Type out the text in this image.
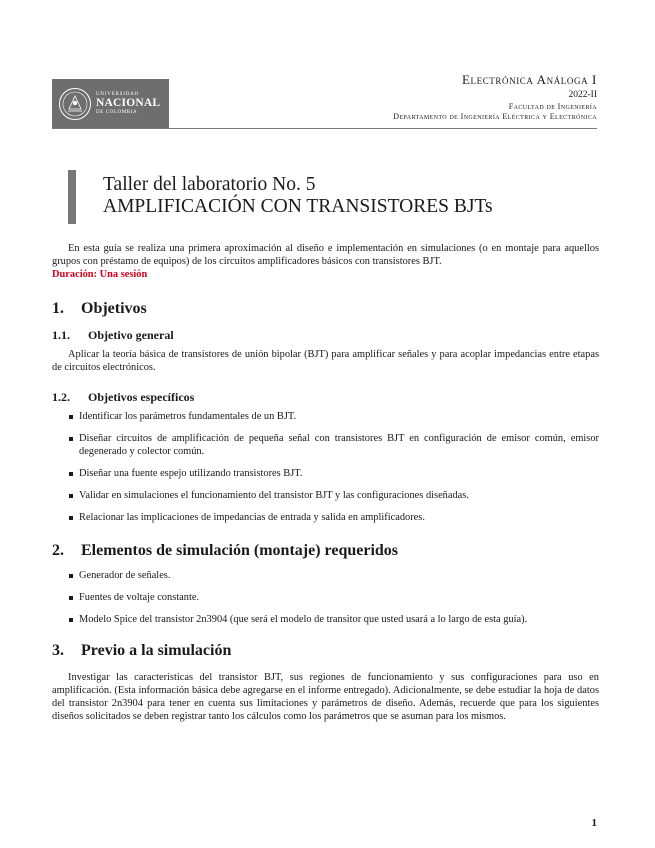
UNIVERSIDAD
NACIONAL
DE COLOMBIA
Electrónica Análoga I
2022-II
Facultad de Ingeniería
Departamento de Ingeniería Eléctrica y Electrónica
Taller del laboratorio No. 5
AMPLIFICACIÓN CON TRANSISTORES BJTs

En esta guía se realiza una primera aproximación al diseño e implementación en simulaciones (o en montaje para aquellos grupos con préstamo de equipos) de los circuitos amplificadores básicos con transistores BJT.

Duración: Una sesión

1. Objetivos
1.1. Objetivo general

Aplicar la teoría básica de transistores de unión bipolar (BJT) para amplificar señales y para acoplar impedancias entre etapas de circuitos electrónicos.

1.2. Objetivos específicos
Identificar los parámetros fundamentales de un BJT.
Diseñar circuitos de amplificación de pequeña señal con transistores BJT en configuración de emisor común, emisor degenerado y colector común.
Diseñar una fuente espejo utilizando transistores BJT.
Validar en simulaciones el funcionamiento del transistor BJT y las configuraciones diseñadas.
Relacionar las implicaciones de impedancias de entrada y salida en amplificadores.
2. Elementos de simulación (montaje) requeridos
Generador de señales.
Fuentes de voltaje constante.
Modelo Spice del transistor 2n3904 (que será el modelo de transitor que usted usará a lo largo de esta guía).
3. Previo a la simulación

Investigar las características del transistor BJT, sus regiones de funcionamiento y sus configuraciones para uso en amplificación. (Esta información básica debe agregarse en el informe entregado). Adicionalmente, se debe estudiar la hoja de datos del transistor 2n3904 para tener en cuenta sus limitaciones y parámetros de diseño. Además, recuerde que para los siguientes diseños solicitados se deben registrar tanto los cálculos como los parámetros que se asuman para los mismos.

1
